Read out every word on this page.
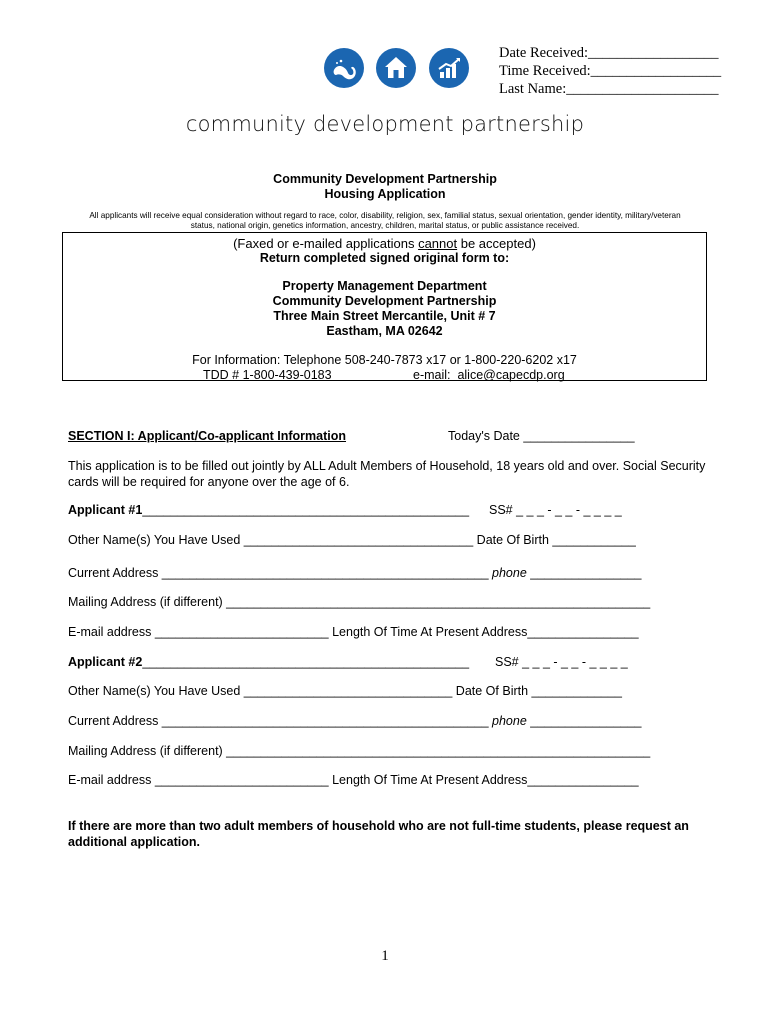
Date Received:__________________
Time Received:__________________
Last Name:_____________________
community development partnership
Community Development Partnership
Housing Application
All applicants will receive equal consideration without regard to race, color, disability, religion, sex, familial status, sexual orientation, gender identity, military/veteran
status, national origin, genetics information, ancestry, children, marital status, or public assistance received.
(Faxed or e-mailed applications cannot be accepted)
Return completed signed original form to:
Property Management Department
Community Development Partnership
Three Main Street Mercantile, Unit # 7
Eastham, MA 02642
For Information: Telephone 508-240-7873 x17 or 1-800-220-6202 x17
TDD # 1-800-439-0183	e-mail:  alice@capecdp.org
SECTION I: Applicant/Co-applicant Information	Today's Date ________________
This application is to be filled out jointly by ALL Adult Members of Household, 18 years old and over. Social Security cards will be required for anyone over the age of 6.
Applicant #1_______________________________________________ SS# _ _ _ - _ _ - _ _ _ _
Other Name(s) You Have Used _________________________________ Date Of Birth ____________
Current Address _______________________________________________ phone ________________
Mailing Address (if different) _____________________________________________________________
E-mail address _________________________ Length Of Time At Present Address________________
Applicant #2_______________________________________________ SS# _ _ _ - _ _ - _ _ _ _
Other Name(s) You Have Used ______________________________ Date Of Birth _____________
Current Address _______________________________________________ phone ________________
Mailing Address (if different) _____________________________________________________________
E-mail address _________________________ Length Of Time At Present Address________________
If there are more than two adult members of household who are not full-time students, please request an additional application.
1
